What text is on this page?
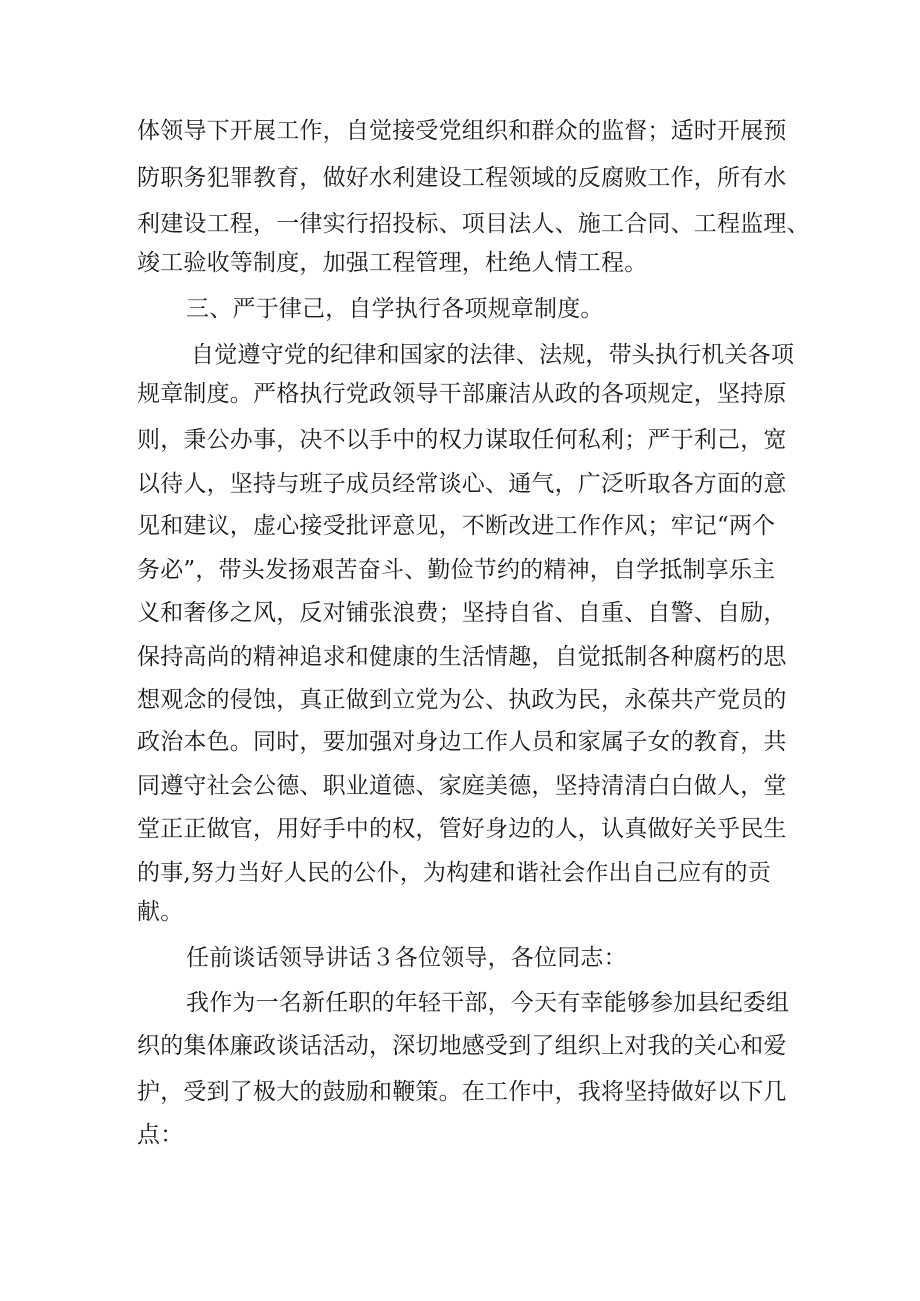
体领导下开展工作，自觉接受党组织和群众的监督；适时开展预
防职务犯罪教育，做好水利建设工程领域的反腐败工作，所有水
利建设工程，一律实行招投标、项目法人、施工合同、工程监理、
竣工验收等制度，加强工程管理，杜绝人情工程。
三、严于律己，自学执行各项规章制度。
自觉遵守党的纪律和国家的法律、法规，带头执行机关各项
规章制度。严格执行党政领导干部廉洁从政的各项规定，坚持原
则，秉公办事，决不以手中的权力谋取任何私利；严于利己，宽
以待人，坚持与班子成员经常谈心、通气，广泛听取各方面的意
见和建议，虚心接受批评意见，不断改进工作作风；牢记“两个
务必”，带头发扬艰苦奋斗、勤俭节约的精神，自学抵制享乐主
义和奢侈之风，反对铺张浪费；坚持自省、自重、自警、自励，
保持高尚的精神追求和健康的生活情趣，自觉抵制各种腐朽的思
想观念的侵蚀，真正做到立党为公、执政为民，永葆共产党员的
政治本色。同时，要加强对身边工作人员和家属子女的教育，共
同遵守社会公德、职业道德、家庭美德，坚持清清白白做人，堂
堂正正做官，用好手中的权，管好身边的人，认真做好关乎民生
的事,努力当好人民的公仆，为构建和谐社会作出自己应有的贡
献。
任前谈话领导讲话３各位领导，各位同志：
我作为一名新任职的年轻干部，今天有幸能够参加县纪委组
织的集体廉政谈话活动，深切地感受到了组织上对我的关心和爱
护，受到了极大的鼓励和鞭策。在工作中，我将坚持做好以下几
点：
